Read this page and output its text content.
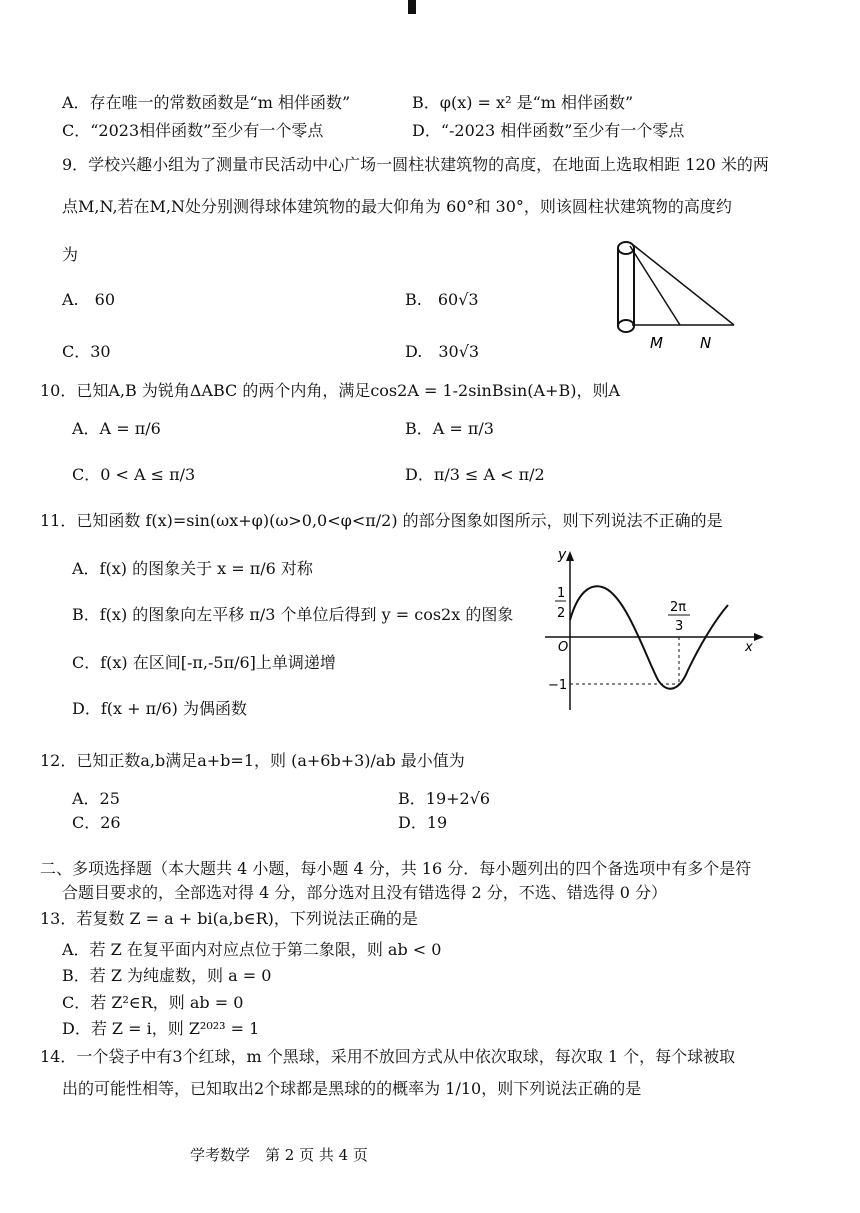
A．存在唯一的常数函数是“m 相伴函数”	B．φ(x) = x² 是“m 相伴函数”
C．“2023相伴函数”至少有一个零点	D．“-2023 相伴函数”至少有一个零点
9．学校兴趣小组为了测量市民活动中心广场一圆柱状建筑物的高度，在地面上选取相距 120 米的两
点M,N,若在M,N处分别测得球体建筑物的最大仰角为 60°和 30°，则该圆柱状建筑物的高度约
为
A.　60	B.　60√3
C．30	D.　30√3	M N
10．已知A,B 为锐角ΔABC 的两个内角，满足cos2A = 1-2sinBsin(A+B)，则A
A．A = π/6	B．A = π/3
C．0 < A ≤ π/3	D．π/3 ≤ A < π/2
11．已知函数 f(x)=sin(ωx+φ)(ω>0,0<φ<π/2) 的部分图象如图所示，则下列说法不正确的是
A．f(x) 的图象关于 x = π/6 对称
B．f(x) 的图象向左平移 π/3 个单位后得到 y = cos2x 的图象
C．f(x) 在区间[-π,-5π/6]上单调递增
D．f(x + π/6) 为偶函数
y
x
O
1
2	2π
3
−1
12．已知正数a,b满足a+b=1，则 (a+6b+3)/ab 最小值为
A．25	B．19+2√6
C．26	D．19
二、多项选择题（本大题共 4 小题，每小题 4 分，共 16 分．每小题列出的四个备选项中有多个是符
合题目要求的，全部选对得 4 分，部分选对且没有错选得 2 分，不选、错选得 0 分）
13．若复数 Z = a + bi(a,b∈R)，下列说法正确的是
A．若 Z 在复平面内对应点位于第二象限，则 ab < 0
B．若 Z 为纯虚数，则 a = 0
C．若 Z²∈R，则 ab = 0
D．若 Z = i，则 Z²⁰²³ = 1
14．一个袋子中有3个红球，m 个黑球，采用不放回方式从中依次取球，每次取 1 个，每个球被取
出的可能性相等，已知取出2个球都是黑球的的概率为 1/10，则下列说法正确的是
学考数学　第 2 页 共 4 页
